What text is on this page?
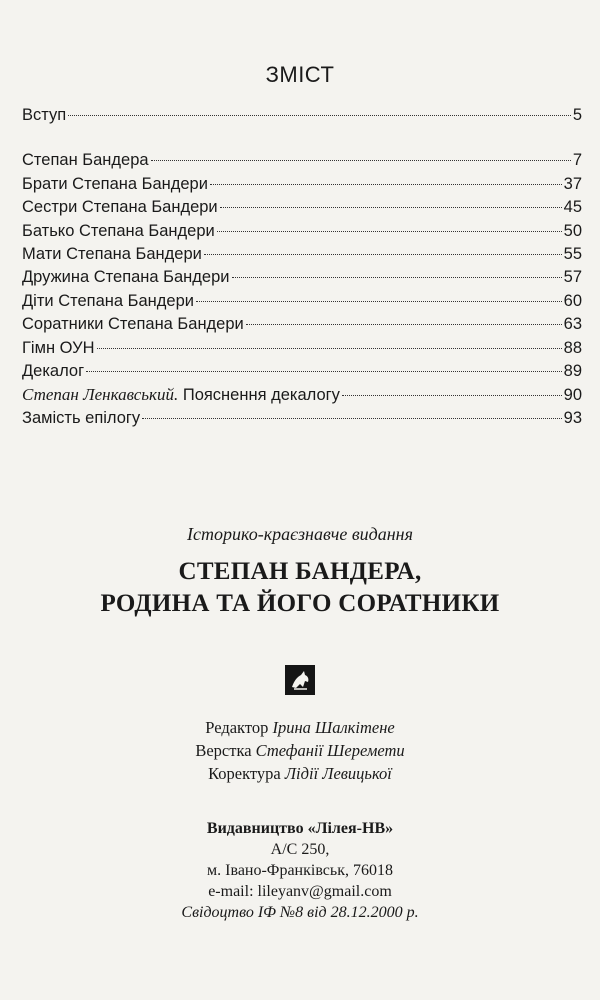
ЗМІСТ
Вступ	5
Степан Бандера	7
Брати Степана Бандери	37
Сестри Степана Бандери	45
Батько Степана Бандери	50
Мати Степана Бандери	55
Дружина Степана Бандери	57
Діти Степана Бандери	60
Соратники Степана Бандери	63
Гімн ОУН	88
Декалог	89
Степан Ленкавський. Пояснення декалогу	90
Замість епілогу	93
Історико-краєзнавче видання
СТЕПАН БАНДЕРА,
РОДИНА ТА ЙОГО СОРАТНИКИ
Редактор Ірина Шалкітене
Верстка Стефанії Шеремети
Коректура Лідії Левицької
Видавництво «Лілея-НВ»
А/С 250,
м. Івано-Франківськ, 76018
e-mail: lileyanv@gmail.com
Свідоцтво ІФ №8 від 28.12.2000 р.
